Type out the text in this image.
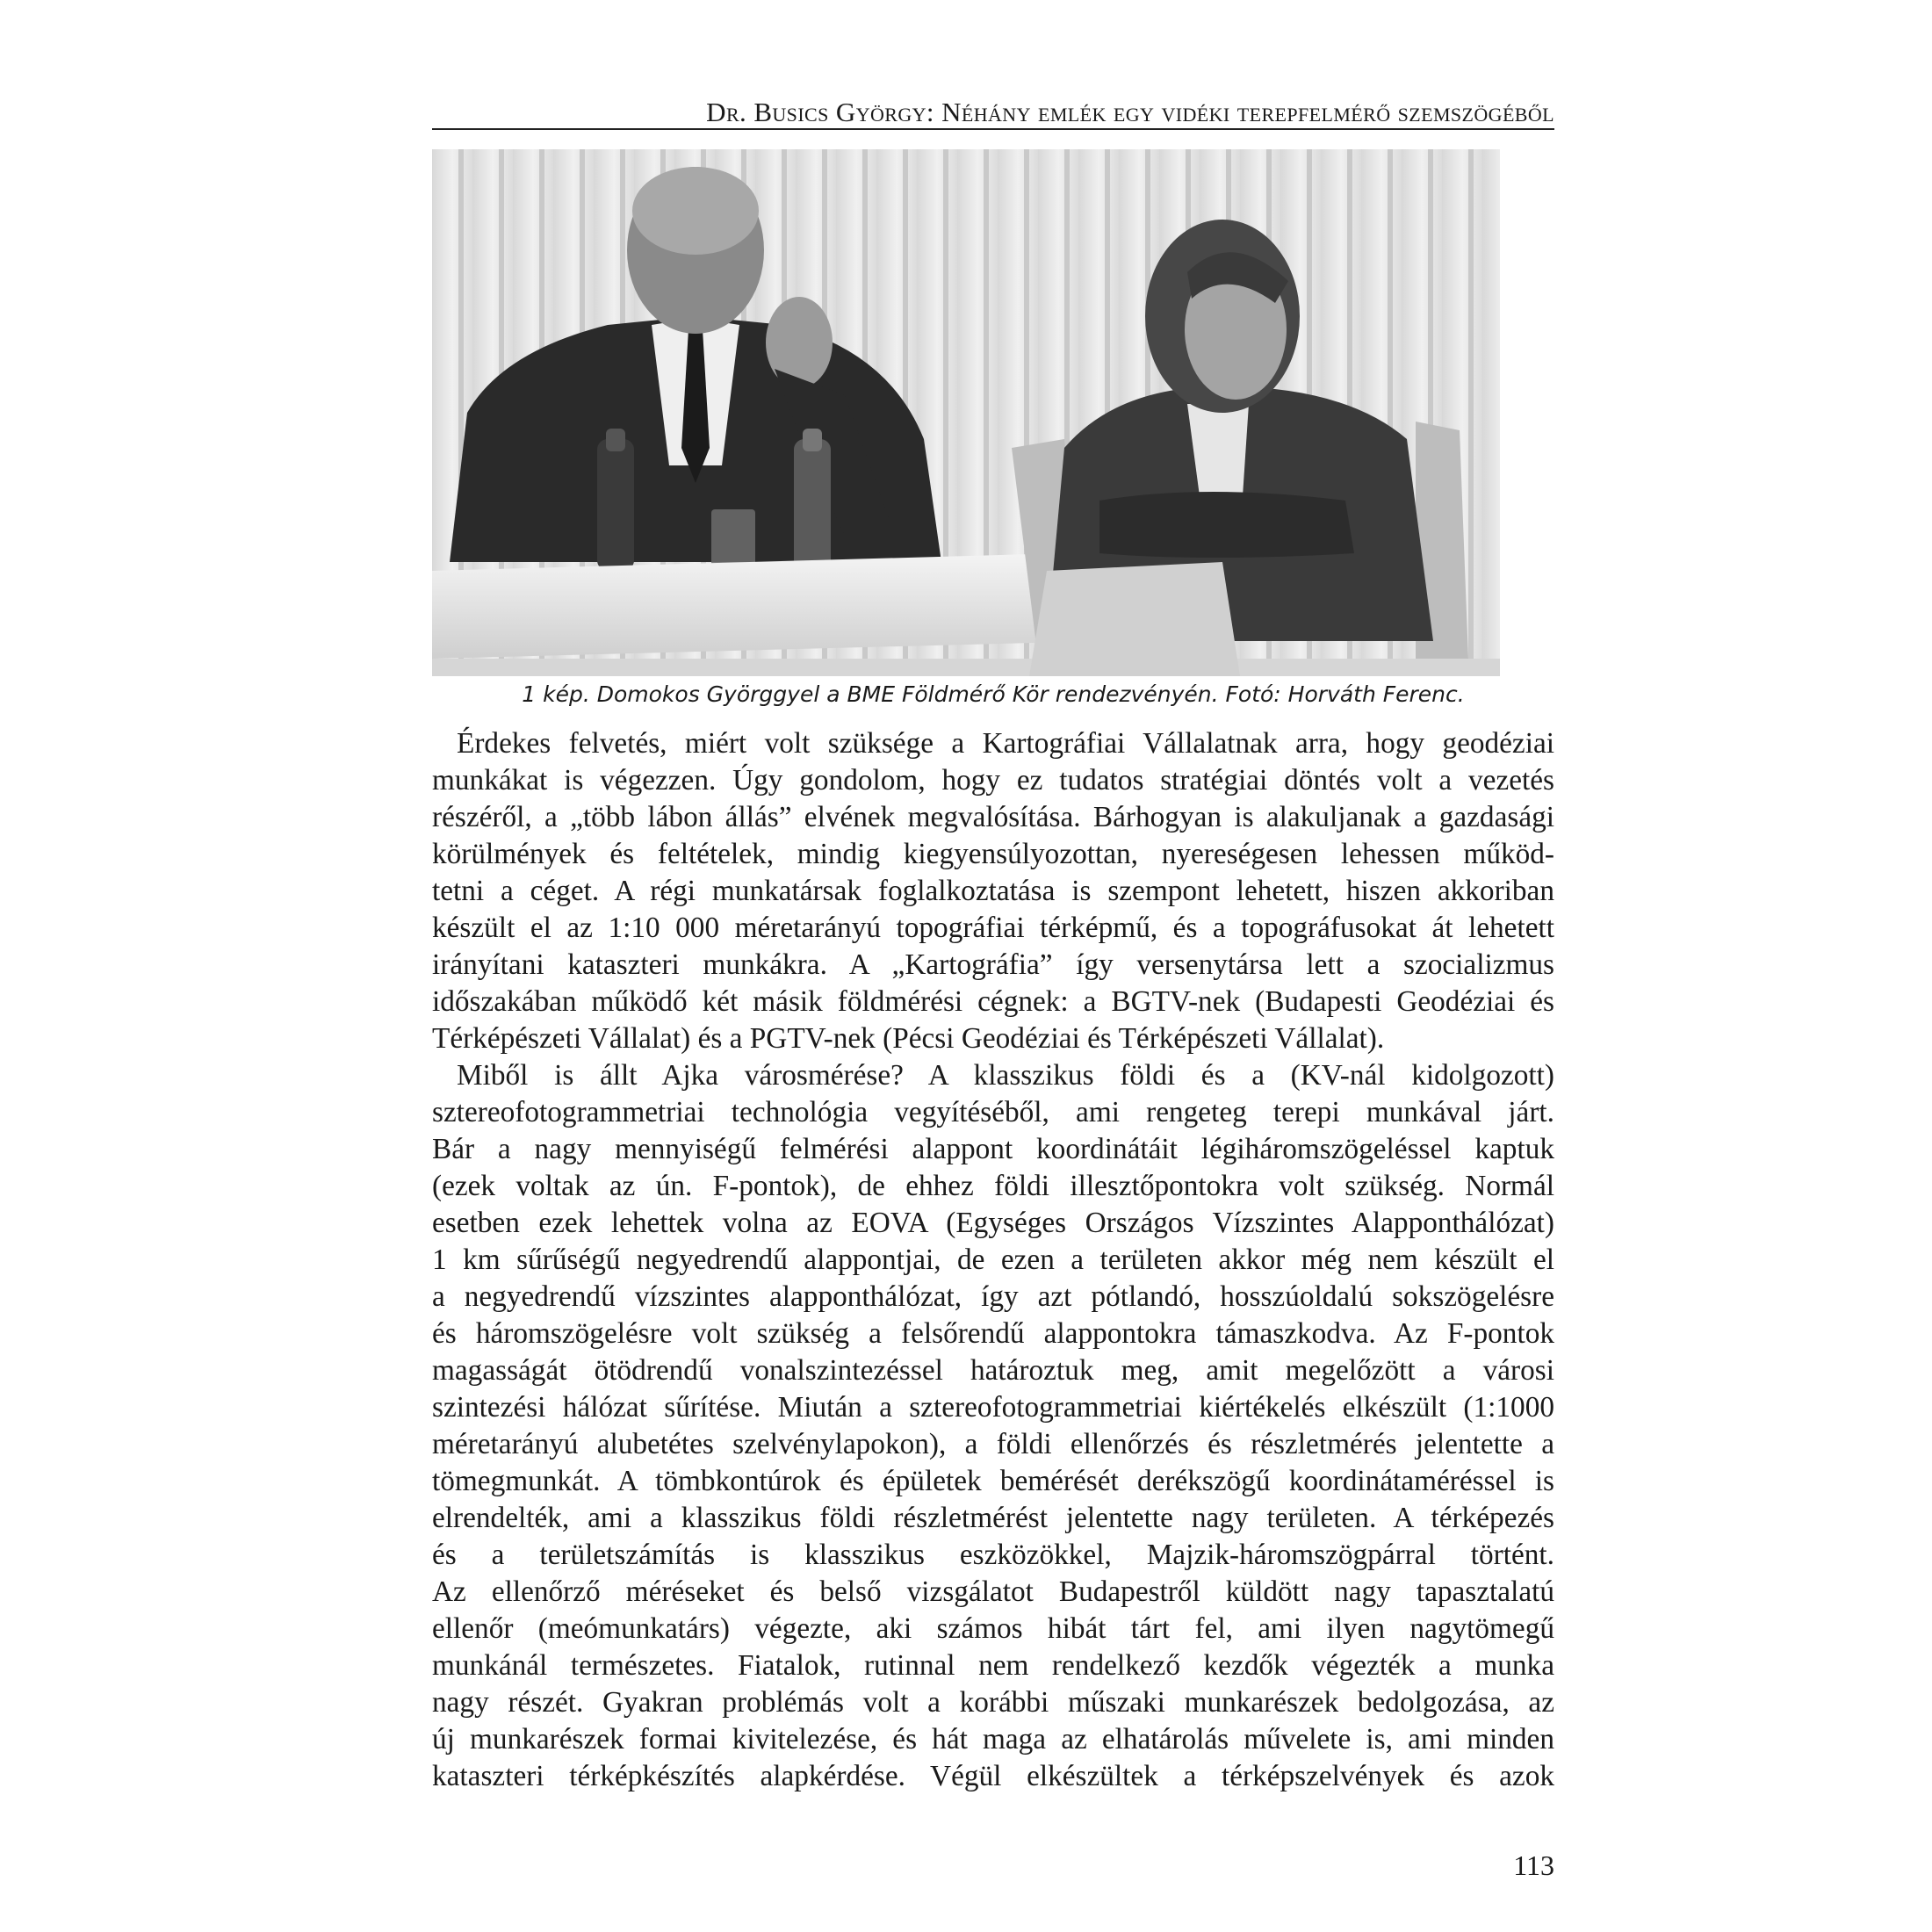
Dr. Busics György: Néhány emlék egy vidéki terepfelmérő szemszögéből
1 kép. Domokos Györggyel a BME Földmérő Kör rendezvényén. Fotó: Horváth Ferenc.
Érdekes felvetés, miért volt szüksége a Kartográfiai Vállalatnak arra, hogy geodéziai
munkákat is végezzen. Úgy gondolom, hogy ez tudatos stratégiai döntés volt a vezetés
részéről, a „több lábon állás” elvének megvalósítása. Bárhogyan is alakuljanak a gazdasági
körülmények és feltételek, mindig kiegyensúlyozottan, nyereségesen lehessen működ-
tetni a céget. A régi munkatársak foglalkoztatása is szempont lehetett, hiszen akkoriban
készült el az 1:10 000 méretarányú topográfiai térképmű, és a topográfusokat át lehetett
irányítani kataszteri munkákra. A „Kartográfia” így versenytársa lett a szocializmus
időszakában működő két másik földmérési cégnek: a BGTV-nek (Budapesti Geodéziai és
Térképészeti Vállalat) és a PGTV-nek (Pécsi Geodéziai és Térképészeti Vállalat).
Miből is állt Ajka városmérése? A klasszikus földi és a (KV-nál kidolgozott)
sztereofotogrammetriai technológia vegyítéséből, ami rengeteg terepi munkával járt.
Bár a nagy mennyiségű felmérési alappont koordinátáit légiháromszögeléssel kaptuk
(ezek voltak az ún. F-pontok), de ehhez földi illesztőpontokra volt szükség. Normál
esetben ezek lehettek volna az EOVA (Egységes Országos Vízszintes Alapponthálózat)
1 km sűrűségű negyedrendű alappontjai, de ezen a területen akkor még nem készült el
a negyedrendű vízszintes alapponthálózat, így azt pótlandó, hosszúoldalú sokszögelésre
és háromszögelésre volt szükség a felsőrendű alappontokra támaszkodva. Az F-pontok
magasságát ötödrendű vonalszintezéssel határoztuk meg, amit megelőzött a városi
szintezési hálózat sűrítése. Miután a sztereofotogrammetriai kiértékelés elkészült (1:1000
méretarányú alubetétes szelvénylapokon), a földi ellenőrzés és részletmérés jelentette a
tömegmunkát. A tömbkontúrok és épületek bemérését derékszögű koordinátaméréssel is
elrendelték, ami a klasszikus földi részletmérést jelentette nagy területen. A térképezés
és a területszámítás is klasszikus eszközökkel, Majzik-háromszögpárral történt.
Az ellenőrző méréseket és belső vizsgálatot Budapestről küldött nagy tapasztalatú
ellenőr (meómunkatárs) végezte, aki számos hibát tárt fel, ami ilyen nagytömegű
munkánál természetes. Fiatalok, rutinnal nem rendelkező kezdők végezték a munka
nagy részét. Gyakran problémás volt a korábbi műszaki munkarészek bedolgozása, az
új munkarészek formai kivitelezése, és hát maga az elhatárolás művelete is, ami minden
kataszteri térképkészítés alapkérdése. Végül elkészültek a térképszelvények és azok
113
